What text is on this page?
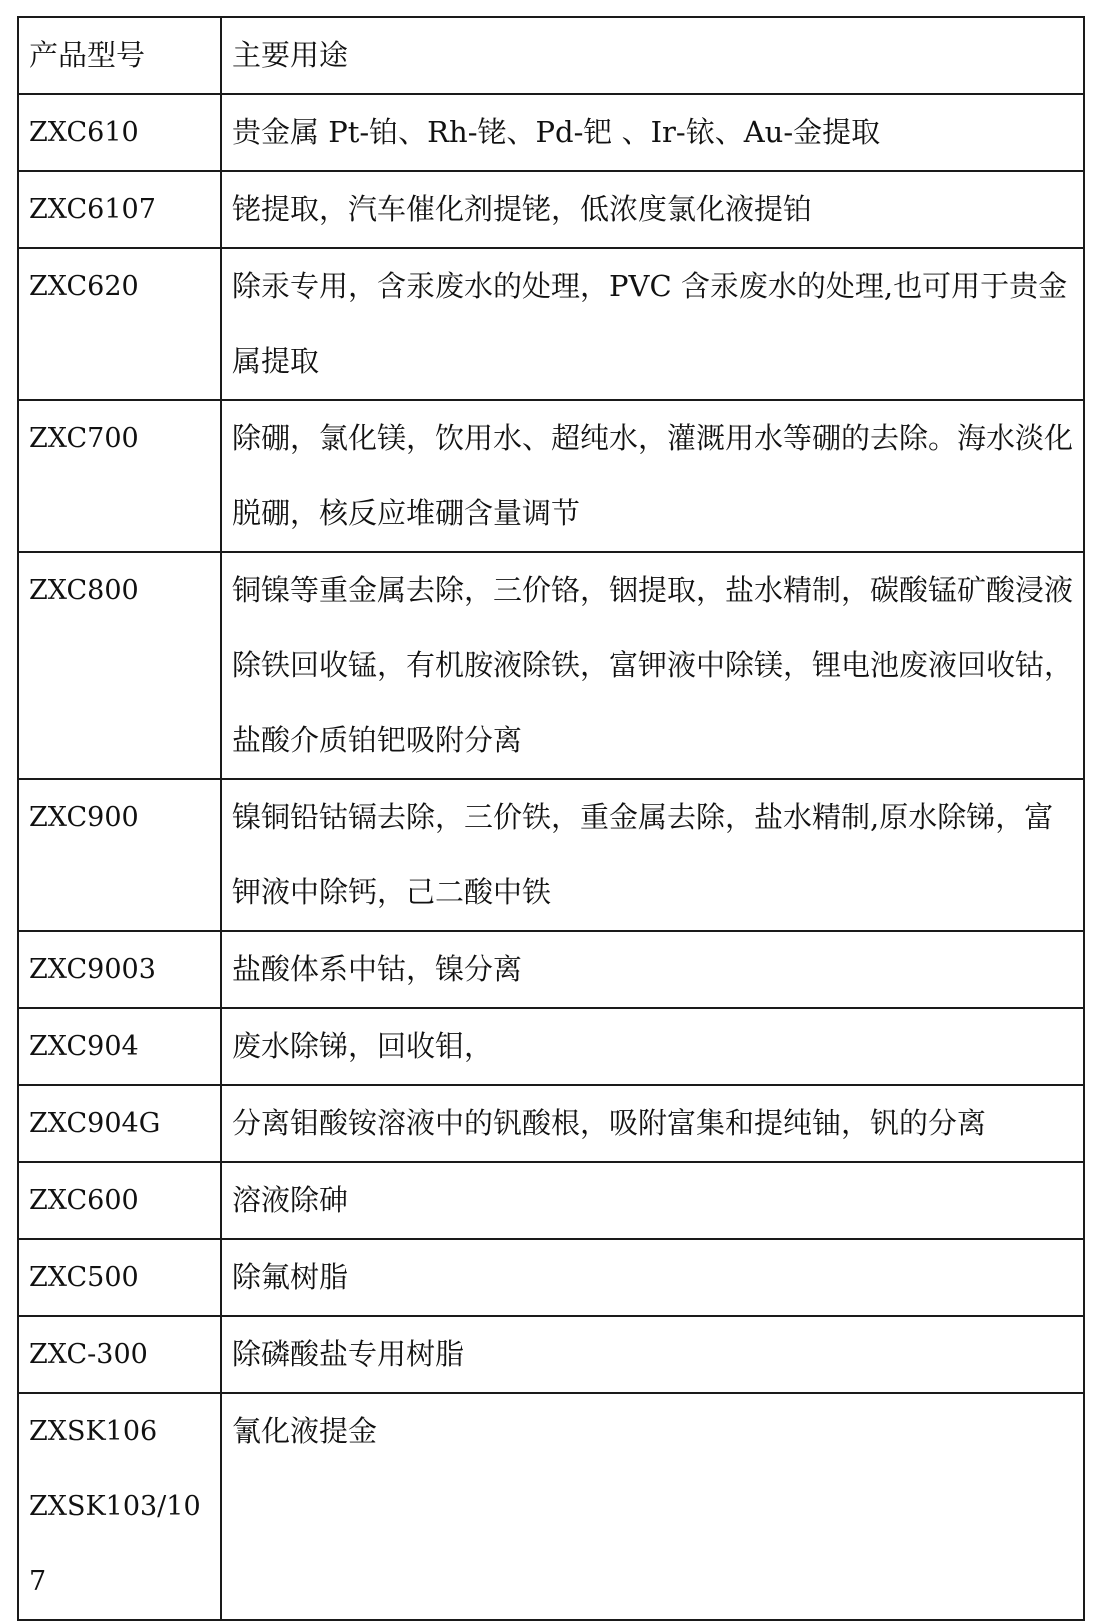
产品型号	主要用途

ZXC610	贵金属 Pt-铂、Rh-铑、Pd-钯 、Ir-铱、Au-金提取

ZXC6107	铑提取，汽车催化剂提铑，低浓度氯化液提铂

ZXC620	除汞专用，含汞废水的处理，PVC 含汞废水的处理,也可用于贵金属提取

ZXC700	除硼，氯化镁，饮用水、超纯水，灌溉用水等硼的去除。海水淡化脱硼，核反应堆硼含量调节

ZXC800	铜镍等重金属去除，三价铬，铟提取，盐水精制，碳酸锰矿酸浸液除铁回收锰，有机胺液除铁，富钾液中除镁，锂电池废液回收钴，盐酸介质铂钯吸附分离

ZXC900	镍铜铅钴镉去除，三价铁，重金属去除，盐水精制,原水除锑，富钾液中除钙，己二酸中铁

ZXC9003	盐酸体系中钴，镍分离

ZXC904	废水除锑，回收钼，

ZXC904G	分离钼酸铵溶液中的钒酸根，吸附富集和提纯铀，钒的分离

ZXC600	溶液除砷

ZXC500	除氟树脂

ZXC-300	除磷酸盐专用树脂

ZXSK106
ZXSK103/107	氰化液提金
